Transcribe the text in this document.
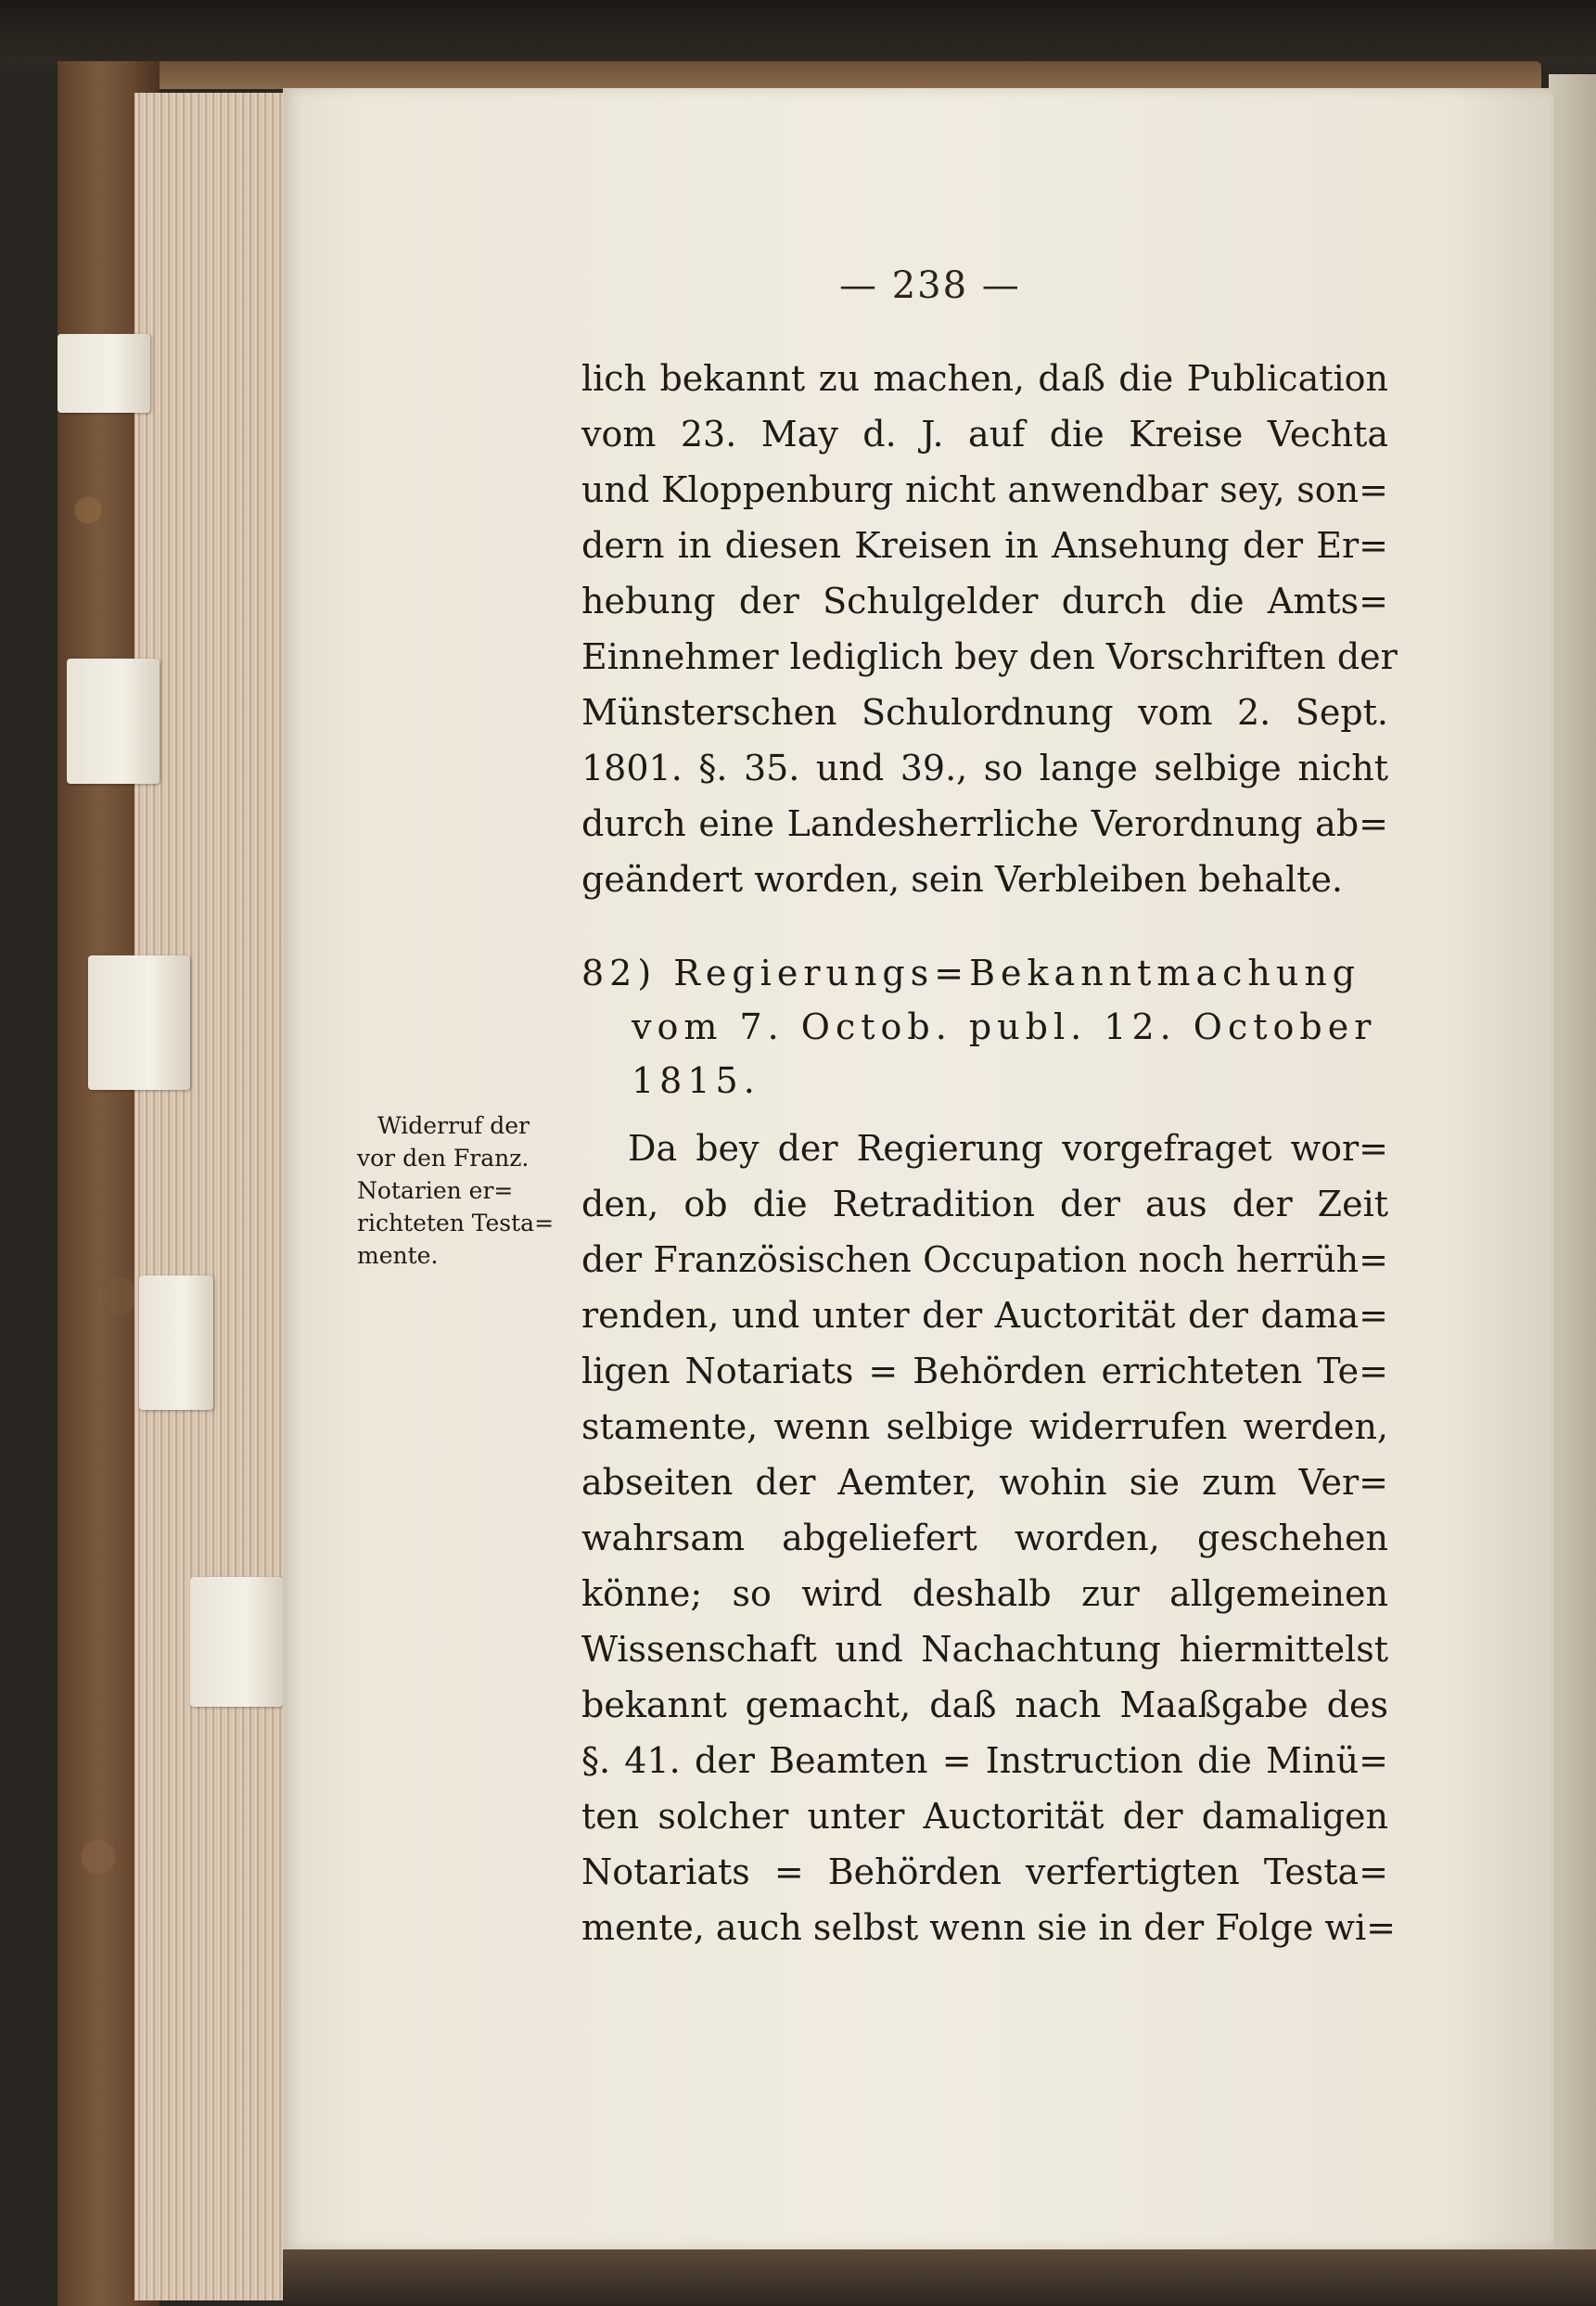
— 238 —
lich bekannt zu machen, daß die Publication
vom 23. May d. J. auf die Kreise Vechta
und Kloppenburg nicht anwendbar sey, son=
dern in diesen Kreisen in Ansehung der Er=
hebung der Schulgelder durch die Amts=
Einnehmer lediglich bey den Vorschriften der
Münsterschen Schulordnung vom 2. Sept.
1801. §. 35. und 39., so lange selbige nicht
durch eine Landesherrliche Verordnung ab=
geändert worden, sein Verbleiben behalte.
82) Regierungs=Bekanntmachung
vom 7. Octob. publ. 12. October
1815.
Widerruf der
vor den Franz.
Notarien er=
richteten Testa=
mente.
Da bey der Regierung vorgefraget wor=
den, ob die Retradition der aus der Zeit
der Französischen Occupation noch herrüh=
renden, und unter der Auctorität der dama=
ligen Notariats = Behörden errichteten Te=
stamente, wenn selbige widerrufen werden,
abseiten der Aemter, wohin sie zum Ver=
wahrsam abgeliefert worden, geschehen
könne; so wird deshalb zur allgemeinen
Wissenschaft und Nachachtung hiermittelst
bekannt gemacht, daß nach Maaßgabe des
§. 41. der Beamten = Instruction die Minü=
ten solcher unter Auctorität der damaligen
Notariats = Behörden verfertigten Testa=
mente, auch selbst wenn sie in der Folge wi=
